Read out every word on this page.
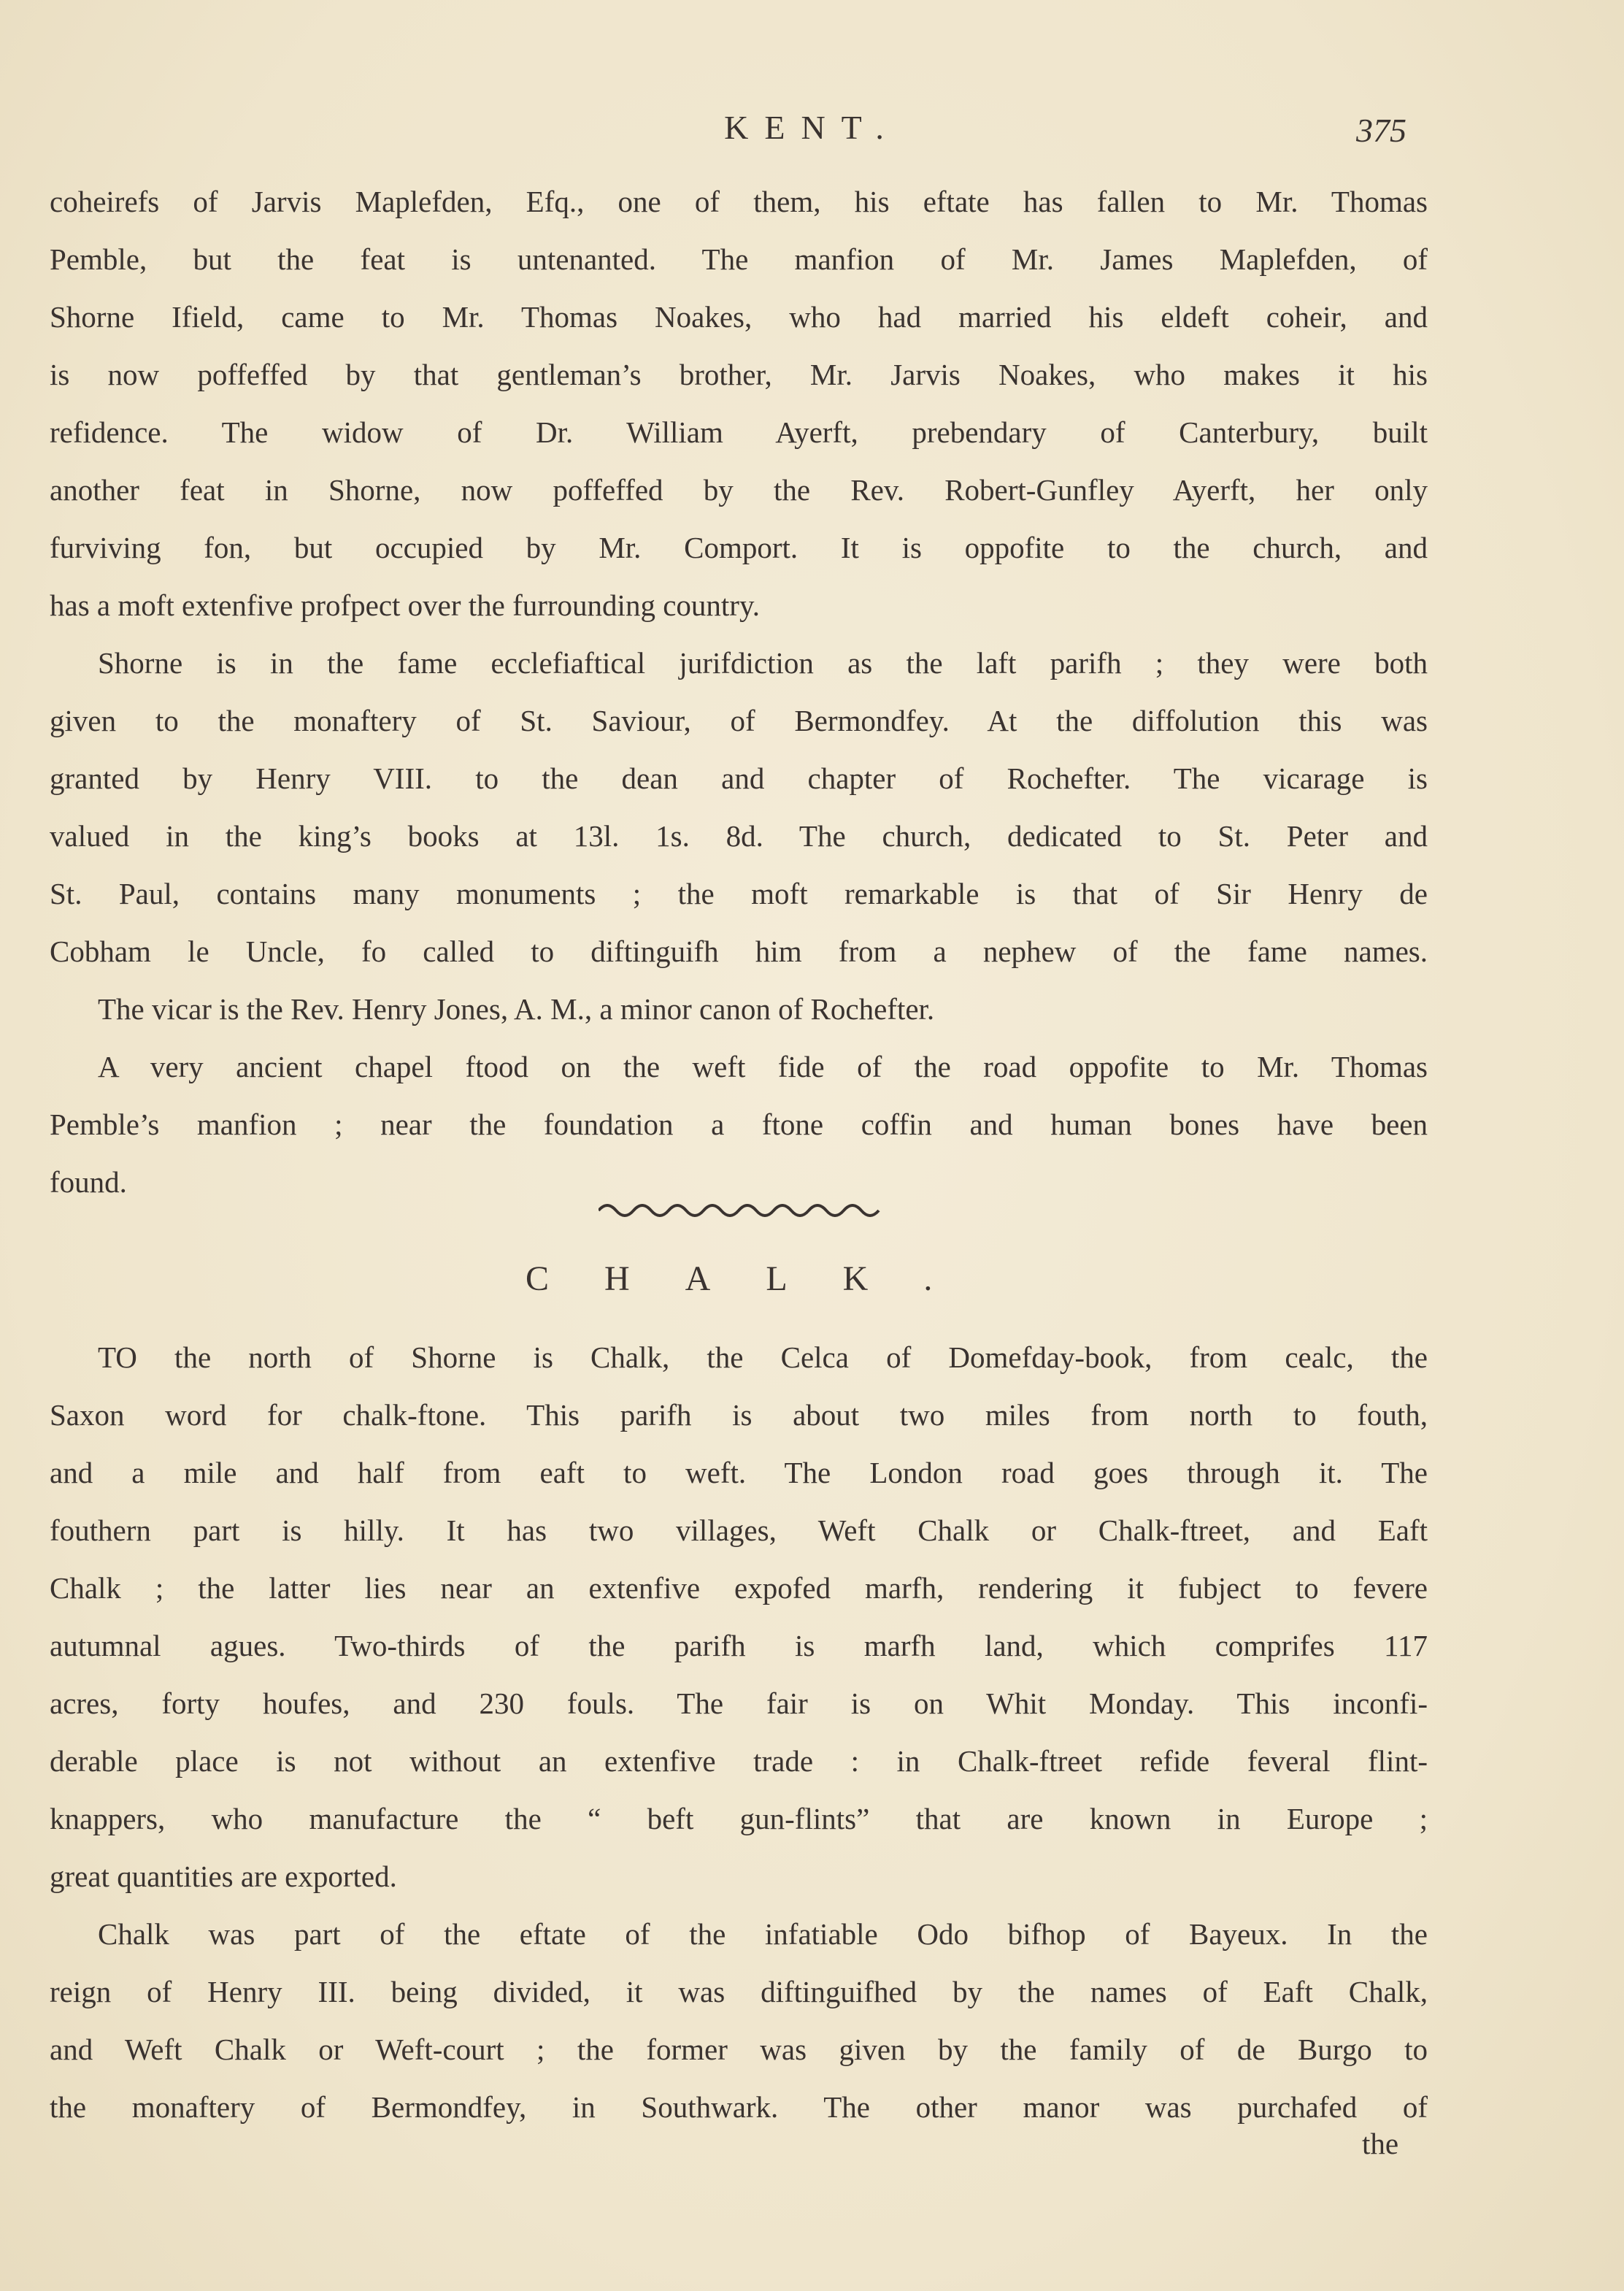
KENT.	375
coheirefs of Jarvis Maplefden, Efq., one of them, his eftate has fallen to Mr. Thomas
Pemble, but the feat is untenanted. The manfion of Mr. James Maplefden, of
Shorne Ifield, came to Mr. Thomas Noakes, who had married his eldeft coheir, and
is now poffeffed by that gentleman’s brother, Mr. Jarvis Noakes, who makes it his
refidence. The widow of Dr. William Ayerft, prebendary of Canterbury, built
another feat in Shorne, now poffeffed by the Rev. Robert-Gunfley Ayerft, her only
furviving fon, but occupied by Mr. Comport. It is oppofite to the church, and
has a moft extenfive profpect over the furrounding country.
Shorne is in the fame ecclefiaftical jurifdiction as the laft parifh ; they were both
given to the monaftery of St. Saviour, of Bermondfey. At the diffolution this was
granted by Henry VIII. to the dean and chapter of Rochefter. The vicarage is
valued in the king’s books at 13l. 1s. 8d. The church, dedicated to St. Peter and
St. Paul, contains many monuments ; the moft remarkable is that of Sir Henry de
Cobham le Uncle, fo called to diftinguifh him from a nephew of the fame names.
The vicar is the Rev. Henry Jones, A. M., a minor canon of Rochefter.
A very ancient chapel ftood on the weft fide of the road oppofite to Mr. Thomas
Pemble’s manfion ; near the foundation a ftone coffin and human bones have been
found.
CHALK.
TO the north of Shorne is Chalk, the Celca of Domefday-book, from cealc, the
Saxon word for chalk-ftone. This parifh is about two miles from north to fouth,
and a mile and half from eaft to weft. The London road goes through it. The
fouthern part is hilly. It has two villages, Weft Chalk or Chalk-ftreet, and Eaft
Chalk ; the latter lies near an extenfive expofed marfh, rendering it fubject to fevere
autumnal agues. Two-thirds of the parifh is marfh land, which comprifes 117
acres, forty houfes, and 230 fouls. The fair is on Whit Monday. This inconfi-
derable place is not without an extenfive trade : in Chalk-ftreet refide feveral flint-
knappers, who manufacture the “ beft gun-flints” that are known in Europe ;
great quantities are exported.
Chalk was part of the eftate of the infatiable Odo bifhop of Bayeux. In the
reign of Henry III. being divided, it was diftinguifhed by the names of Eaft Chalk,
and Weft Chalk or Weft-court ; the former was given by the family of de Burgo to
the monaftery of Bermondfey, in Southwark. The other manor was purchafed of
the
